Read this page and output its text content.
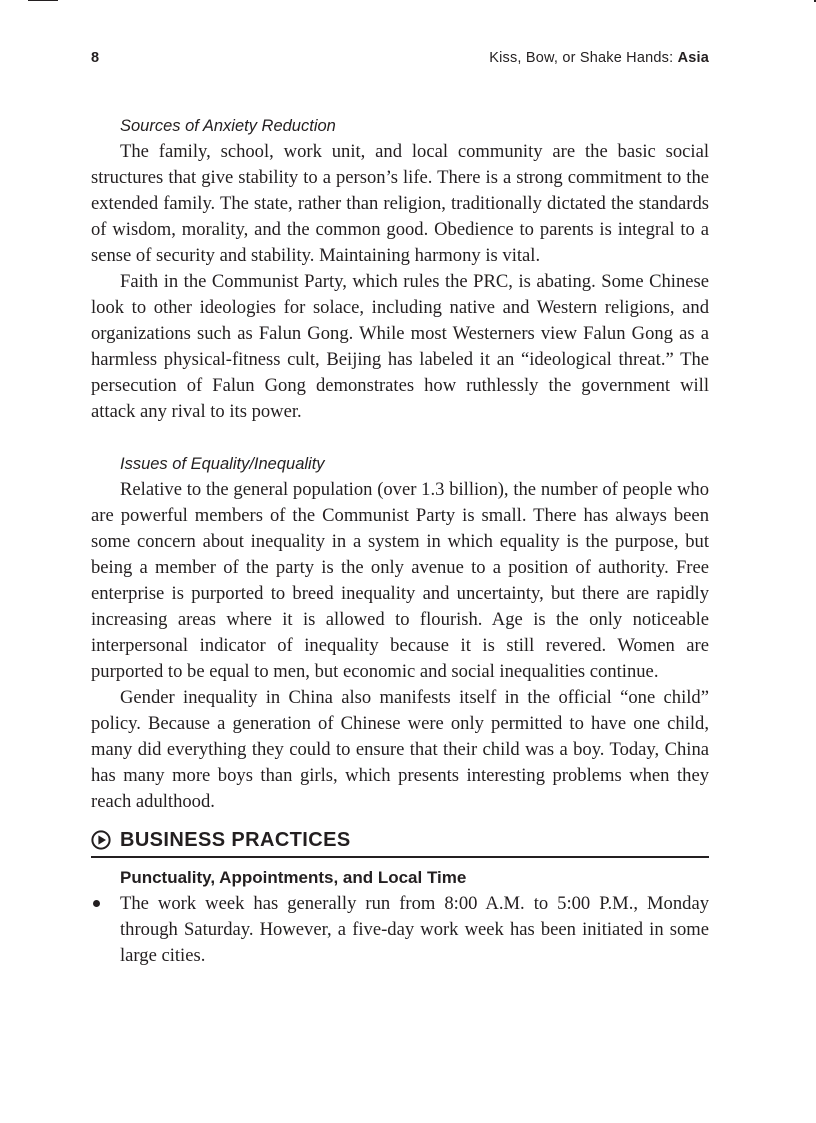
8	Kiss, Bow, or Shake Hands: Asia
Sources of Anxiety Reduction

The family, school, work unit, and local community are the basic social structures that give stability to a person’s life. There is a strong commitment to the extended family. The state, rather than religion, traditionally dictated the standards of wisdom, morality, and the common good. Obedience to parents is integral to a sense of security and stability. Maintaining harmony is vital.

Faith in the Communist Party, which rules the PRC, is abating. Some Chinese look to other ideologies for solace, including native and Western religions, and organizations such as Falun Gong. While most Westerners view Falun Gong as a harmless physical-fitness cult, Beijing has labeled it an “ideological threat.” The persecution of Falun Gong demonstrates how ruthlessly the government will attack any rival to its power.

Issues of Equality/Inequality

Relative to the general population (over 1.3 billion), the number of people who are powerful members of the Communist Party is small. There has always been some concern about inequality in a system in which equality is the purpose, but being a member of the party is the only avenue to a position of authority. Free enterprise is purported to breed inequality and uncertainty, but there are rapidly increasing areas where it is allowed to flourish. Age is the only noticeable interpersonal indicator of inequality because it is still revered. Women are purported to be equal to men, but economic and social inequalities continue.

Gender inequality in China also manifests itself in the official “one child” policy. Because a generation of Chinese were only permitted to have one child, many did everything they could to ensure that their child was a boy. Today, China has many more boys than girls, which presents interesting problems when they reach adulthood.

BUSINESS PRACTICES
Punctuality, Appointments, and Local Time

The work week has generally run from 8:00 A.M. to 5:00 P.M., Monday through Saturday. However, a five-day work week has been initiated in some large cities.
